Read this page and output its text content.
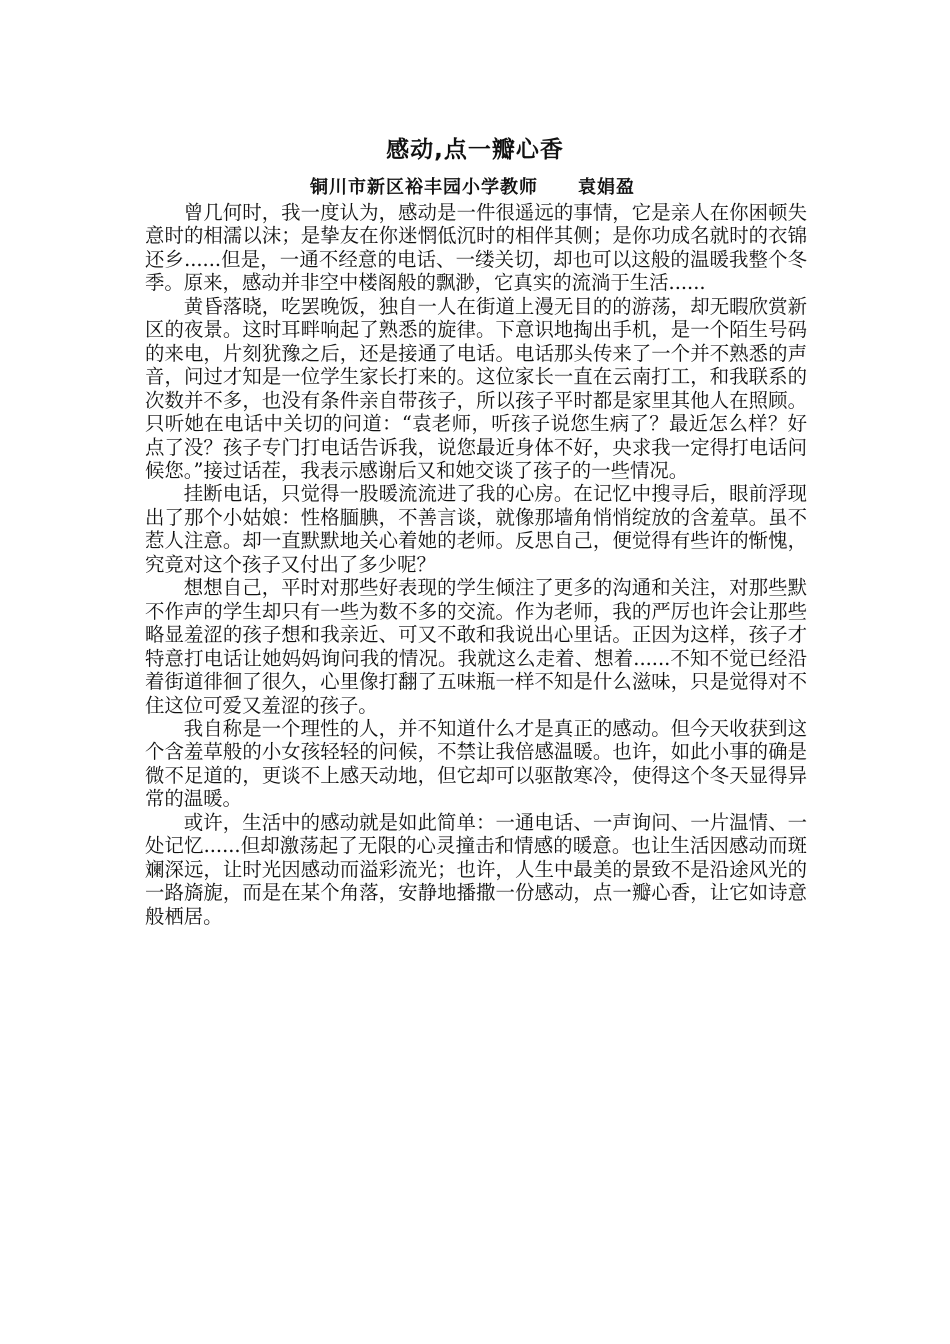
感动,点一瓣心香
铜川市新区裕丰园小学教师 袁娟盈

曾几何时，我一度认为，感动是一件很遥远的事情，它是亲人在你困顿失意时的相濡以沫；是挚友在你迷惘低沉时的相伴其侧；是你功成名就时的衣锦还乡......但是，一通不经意的电话、一缕关切，却也可以这般的温暖我整个冬季。原来，感动并非空中楼阁般的飘渺，它真实的流淌于生活......

黄昏落晓，吃罢晚饭，独自一人在街道上漫无目的的游荡，却无暇欣赏新区的夜景。这时耳畔响起了熟悉的旋律。下意识地掏出手机，是一个陌生号码的来电，片刻犹豫之后，还是接通了电话。电话那头传来了一个并不熟悉的声音，问过才知是一位学生家长打来的。这位家长一直在云南打工，和我联系的次数并不多，也没有条件亲自带孩子，所以孩子平时都是家里其他人在照顾。只听她在电话中关切的问道：“袁老师，听孩子说您生病了？最近怎么样？好点了没？孩子专门打电话告诉我，说您最近身体不好，央求我一定得打电话问候您。”接过话茬，我表示感谢后又和她交谈了孩子的一些情况。

挂断电话，只觉得一股暖流流进了我的心房。在记忆中搜寻后，眼前浮现出了那个小姑娘：性格腼腆，不善言谈，就像那墙角悄悄绽放的含羞草。虽不惹人注意。却一直默默地关心着她的老师。反思自己，便觉得有些许的惭愧，究竟对这个孩子又付出了多少呢？

想想自己，平时对那些好表现的学生倾注了更多的沟通和关注，对那些默不作声的学生却只有一些为数不多的交流。作为老师，我的严厉也许会让那些略显羞涩的孩子想和我亲近、可又不敢和我说出心里话。正因为这样，孩子才特意打电话让她妈妈询问我的情况。我就这么走着、想着......不知不觉已经沿着街道徘徊了很久，心里像打翻了五味瓶一样不知是什么滋味，只是觉得对不住这位可爱又羞涩的孩子。

我自称是一个理性的人，并不知道什么才是真正的感动。但今天收获到这个含羞草般的小女孩轻轻的问候，不禁让我倍感温暖。也许，如此小事的确是微不足道的，更谈不上感天动地，但它却可以驱散寒冷，使得这个冬天显得异常的温暖。

或许，生活中的感动就是如此简单：一通电话、一声询问、一片温情、一处记忆......但却激荡起了无限的心灵撞击和情感的暖意。也让生活因感动而斑斓深远，让时光因感动而溢彩流光；也许，人生中最美的景致不是沿途风光的一路旖旎，而是在某个角落，安静地播撒一份感动，点一瓣心香，让它如诗意般栖居。
